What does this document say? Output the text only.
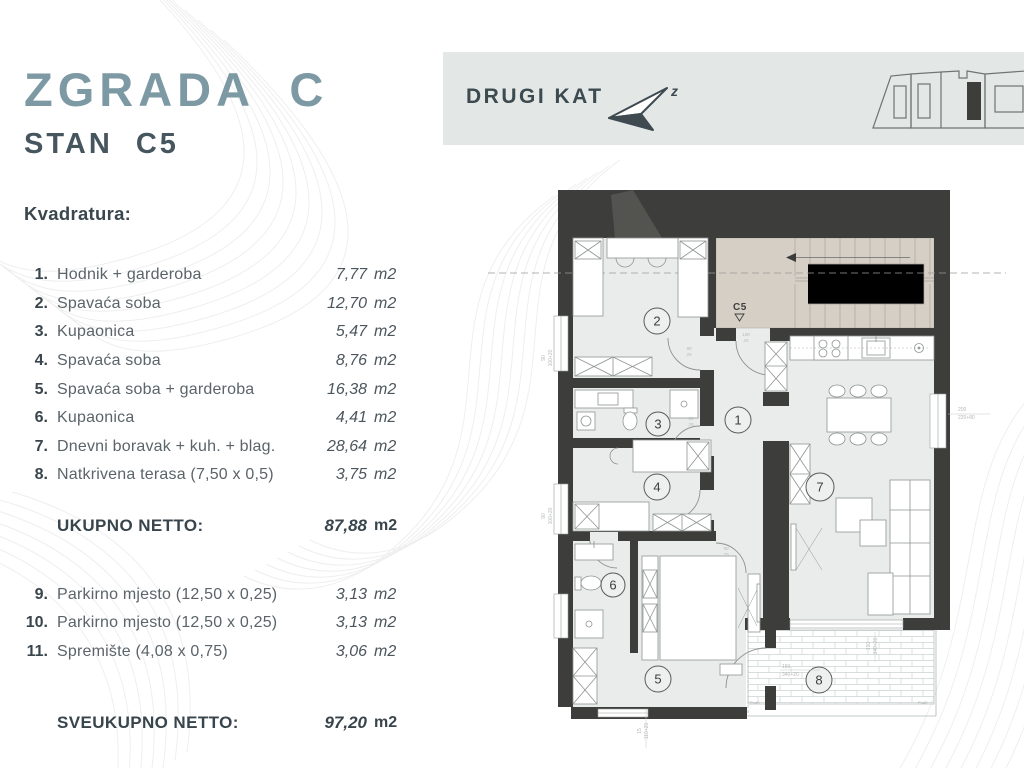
ZGRADA C
STAN C5
Kvadratura:
1. Hodnik + garderoba	7,77 m2
2. Spavaća soba	12,70 m2
3. Kupaonica	5,47 m2
4. Spavaća soba	8,76 m2
5. Spavaća soba + garderoba	16,38 m2
6. Kupaonica	4,41 m2
7. Dnevni boravak + kuh. + blag.	28,64 m2
8. Natkrivena terasa (7,50 x 0,5)	3,75 m2
UKUPNO NETTO:	87,88 m2
9. Parkirno mjesto (12,50 x 0,25)	3,13 m2
10. Parkirno mjesto (12,50 x 0,25)	3,13 m2
11. Spremište (4,08 x 0,75)	3,06 m2
SVEUKUPNO NETTO:	97,20 m2
DRUGI KAT	z
C5
1
2
3
4
5
6
7
8
90 100+20
90 100+20
200
220+80
15 110+20
150
340+20
150 340+20
100
25
90
25
80
25
90
25
P=40	P=40
